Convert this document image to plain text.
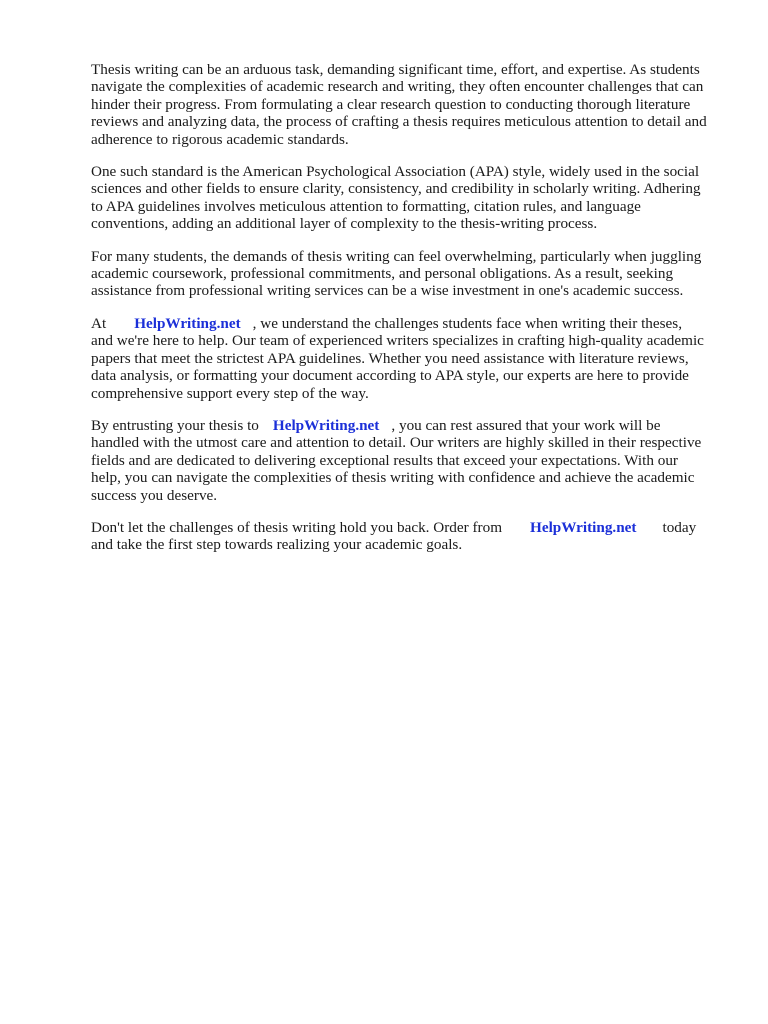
Thesis writing can be an arduous task, demanding significant time, effort, and expertise. As students
navigate the complexities of academic research and writing, they often encounter challenges that can
hinder their progress. From formulating a clear research question to conducting thorough literature
reviews and analyzing data, the process of crafting a thesis requires meticulous attention to detail and
adherence to rigorous academic standards.

One such standard is the American Psychological Association (APA) style, widely used in the social
sciences and other fields to ensure clarity, consistency, and credibility in scholarly writing. Adhering
to APA guidelines involves meticulous attention to formatting, citation rules, and language
conventions, adding an additional layer of complexity to the thesis-writing process.

For many students, the demands of thesis writing can feel overwhelming, particularly when juggling
academic coursework, professional commitments, and personal obligations. As a result, seeking
assistance from professional writing services can be a wise investment in one's academic success.

At HelpWriting.net , we understand the challenges students face when writing their theses,
and we're here to help. Our team of experienced writers specializes in crafting high-quality academic
papers that meet the strictest APA guidelines. Whether you need assistance with literature reviews,
data analysis, or formatting your document according to APA style, our experts are here to provide
comprehensive support every step of the way.

By entrusting your thesis to HelpWriting.net , you can rest assured that your work will be
handled with the utmost care and attention to detail. Our writers are highly skilled in their respective
fields and are dedicated to delivering exceptional results that exceed your expectations. With our
help, you can navigate the complexities of thesis writing with confidence and achieve the academic
success you deserve.

Don't let the challenges of thesis writing hold you back. Order from HelpWriting.net today
and take the first step towards realizing your academic goals.
